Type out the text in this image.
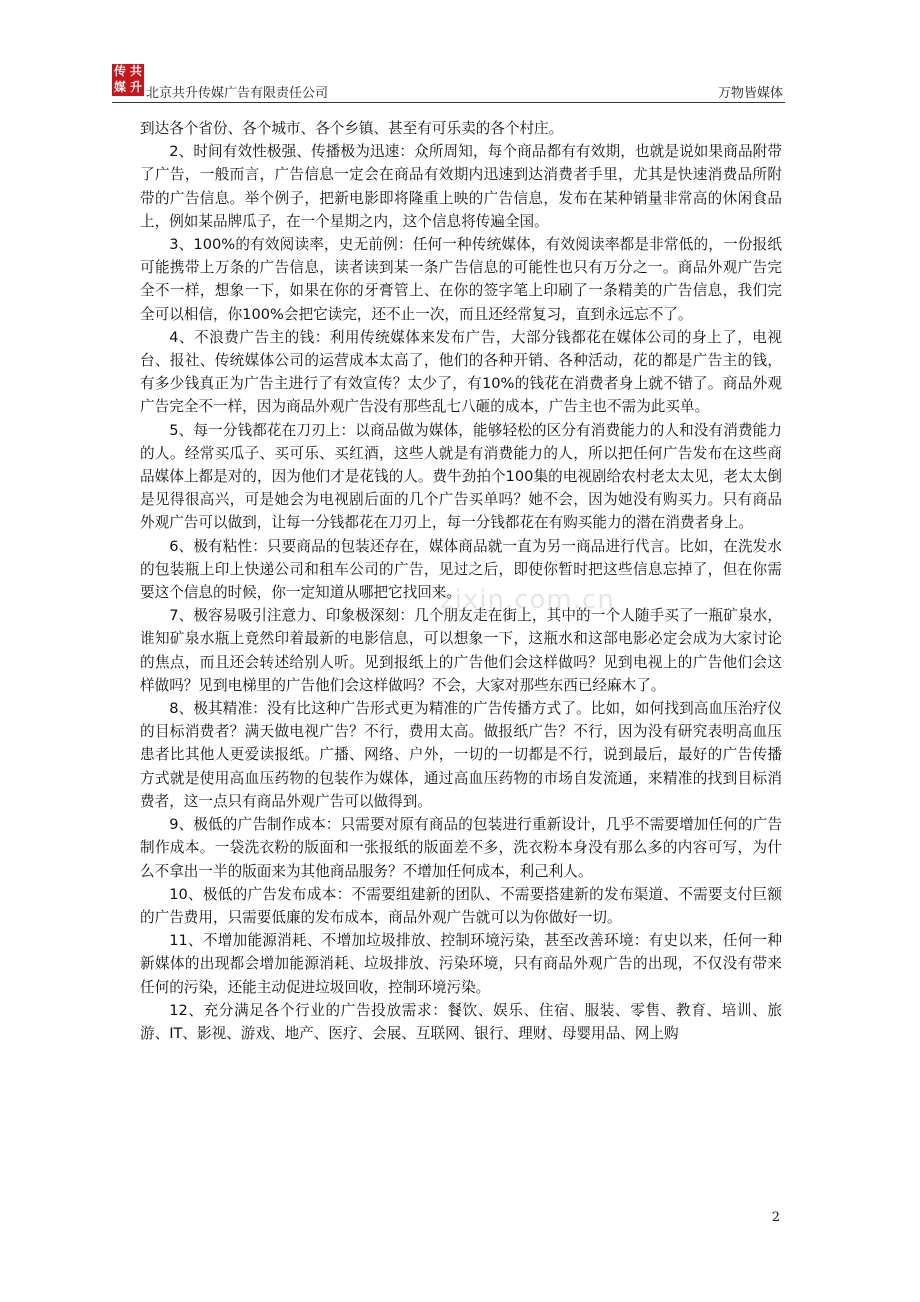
传 共
媒 升 北京共升传媒广告有限责任公司	万物皆媒体
zixin.com.cn

到达各个省份、各个城市、各个乡镇、甚至有可乐卖的各个村庄。

2、时间有效性极强、传播极为迅速：众所周知，每个商品都有有效期，也就是说如果商品附带了广告，一般而言，广告信息一定会在商品有效期内迅速到达消费者手里，尤其是快速消费品所附带的广告信息。举个例子，把新电影即将隆重上映的广告信息，发布在某种销量非常高的休闲食品上，例如某品牌瓜子，在一个星期之内，这个信息将传遍全国。

3、100%的有效阅读率，史无前例：任何一种传统媒体，有效阅读率都是非常低的，一份报纸可能携带上万条的广告信息，读者读到某一条广告信息的可能性也只有万分之一。商品外观广告完全不一样，想象一下，如果在你的牙膏管上、在你的签字笔上印刷了一条精美的广告信息，我们完全可以相信，你100%会把它读完，还不止一次，而且还经常复习，直到永远忘不了。

4、不浪费广告主的钱：利用传统媒体来发布广告，大部分钱都花在媒体公司的身上了，电视台、报社、传统媒体公司的运营成本太高了，他们的各种开销、各种活动，花的都是广告主的钱，有多少钱真正为广告主进行了有效宣传？太少了，有10%的钱花在消费者身上就不错了。商品外观广告完全不一样，因为商品外观广告没有那些乱七八砸的成本，广告主也不需为此买单。

5、每一分钱都花在刀刃上：以商品做为媒体，能够轻松的区分有消费能力的人和没有消费能力的人。经常买瓜子、买可乐、买红酒，这些人就是有消费能力的人，所以把任何广告发布在这些商品媒体上都是对的，因为他们才是花钱的人。费牛劲拍个100集的电视剧给农村老太太见，老太太倒是见得很高兴，可是她会为电视剧后面的几个广告买单吗？她不会，因为她没有购买力。只有商品外观广告可以做到，让每一分钱都花在刀刃上，每一分钱都花在有购买能力的潜在消费者身上。

6、极有粘性：只要商品的包装还存在，媒体商品就一直为另一商品进行代言。比如，在洗发水的包装瓶上印上快递公司和租车公司的广告，见过之后，即使你暂时把这些信息忘掉了，但在你需要这个信息的时候，你一定知道从哪把它找回来。

7、极容易吸引注意力、印象极深刻：几个朋友走在街上，其中的一个人随手买了一瓶矿泉水，谁知矿泉水瓶上竟然印着最新的电影信息，可以想象一下，这瓶水和这部电影必定会成为大家讨论的焦点，而且还会转述给别人听。见到报纸上的广告他们会这样做吗？见到电视上的广告他们会这样做吗？见到电梯里的广告他们会这样做吗？不会，大家对那些东西已经麻木了。

8、极其精准：没有比这种广告形式更为精准的广告传播方式了。比如，如何找到高血压治疗仪的目标消费者？满天做电视广告？不行，费用太高。做报纸广告？不行，因为没有研究表明高血压患者比其他人更爱读报纸。广播、网络、户外，一切的一切都是不行，说到最后，最好的广告传播方式就是使用高血压药物的包装作为媒体，通过高血压药物的市场自发流通，来精准的找到目标消费者，这一点只有商品外观广告可以做得到。

9、极低的广告制作成本：只需要对原有商品的包装进行重新设计，几乎不需要增加任何的广告制作成本。一袋洗衣粉的版面和一张报纸的版面差不多，洗衣粉本身没有那么多的内容可写，为什么不拿出一半的版面来为其他商品服务？不增加任何成本，利己利人。

10、极低的广告发布成本：不需要组建新的团队、不需要搭建新的发布渠道、不需要支付巨额的广告费用，只需要低廉的发布成本，商品外观广告就可以为你做好一切。

11、不增加能源消耗、不增加垃圾排放、控制环境污染，甚至改善环境：有史以来，任何一种新媒体的出现都会增加能源消耗、垃圾排放、污染环境，只有商品外观广告的出现，不仅没有带来任何的污染，还能主动促进垃圾回收，控制环境污染。

12、充分满足各个行业的广告投放需求：餐饮、娱乐、住宿、服装、零售、教育、培训、旅游、IT、影视、游戏、地产、医疗、会展、互联网、银行、理财、母婴用品、网上购

2
